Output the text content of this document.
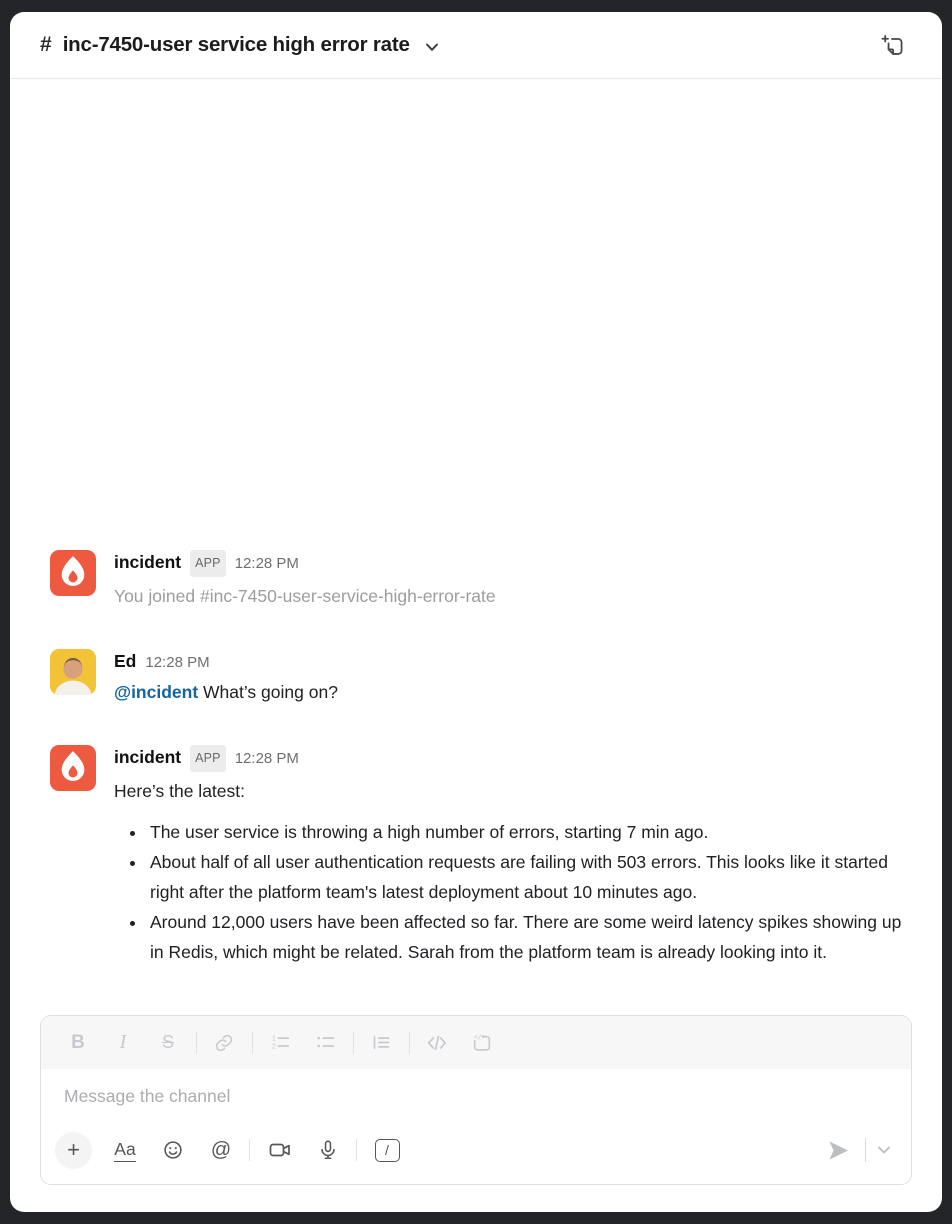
# inc-7450-user service high error rate
incident	APP 12:28 PM
You joined #inc-7450-user-service-high-error-rate
Ed 12:28 PM
@incident What’s going on?
incident	APP 12:28 PM
Here’s the latest:
• The user service is throwing a high number of errors, starting 7 min ago.
• About half of all user authentication requests are failing with 503 errors. This looks like it started right after the platform team's latest deployment about 10 minutes ago.
• Around 12,000 users have been affected so far. There are some weird latency spikes showing up in Redis, which might be related. Sarah from the platform team is already looking into it.
B	I	S	1
2
</>
Message the channel
+	Aa	@	/
